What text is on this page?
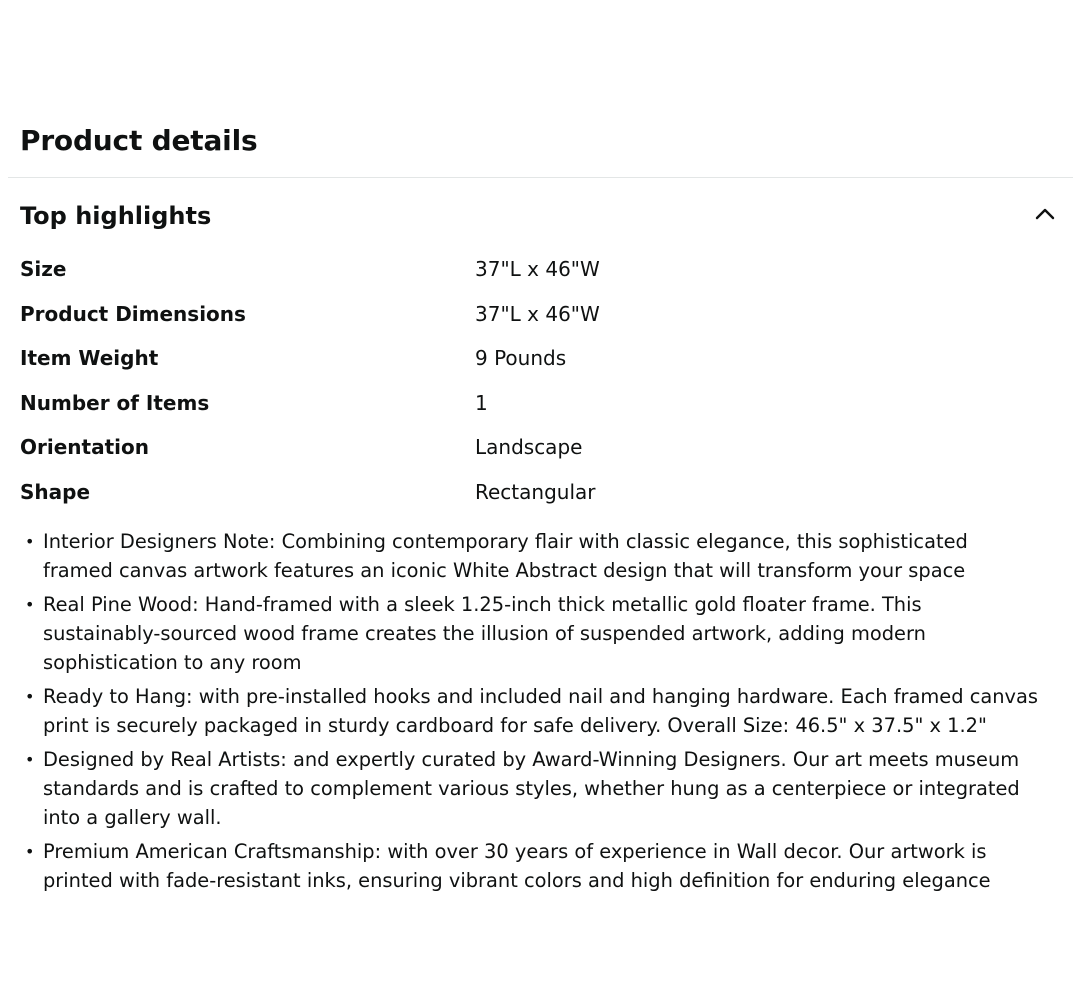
Product details
Top highlights
Size	37"L x 46"W
Product Dimensions	37"L x 46"W
Item Weight	9 Pounds
Number of Items	1
Orientation	Landscape
Shape	Rectangular
• Interior Designers Note: Combining contemporary flair with classic elegance, this sophisticated
framed canvas artwork features an iconic White Abstract design that will transform your space
• Real Pine Wood: Hand-framed with a sleek 1.25-inch thick metallic gold floater frame. This
sustainably-sourced wood frame creates the illusion of suspended artwork, adding modern
sophistication to any room
• Ready to Hang: with pre-installed hooks and included nail and hanging hardware. Each framed canvas
print is securely packaged in sturdy cardboard for safe delivery. Overall Size: 46.5" x 37.5" x 1.2"
• Designed by Real Artists: and expertly curated by Award-Winning Designers. Our art meets museum
standards and is crafted to complement various styles, whether hung as a centerpiece or integrated
into a gallery wall.
• Premium American Craftsmanship: with over 30 years of experience in Wall decor. Our artwork is
printed with fade-resistant inks, ensuring vibrant colors and high definition for enduring elegance
